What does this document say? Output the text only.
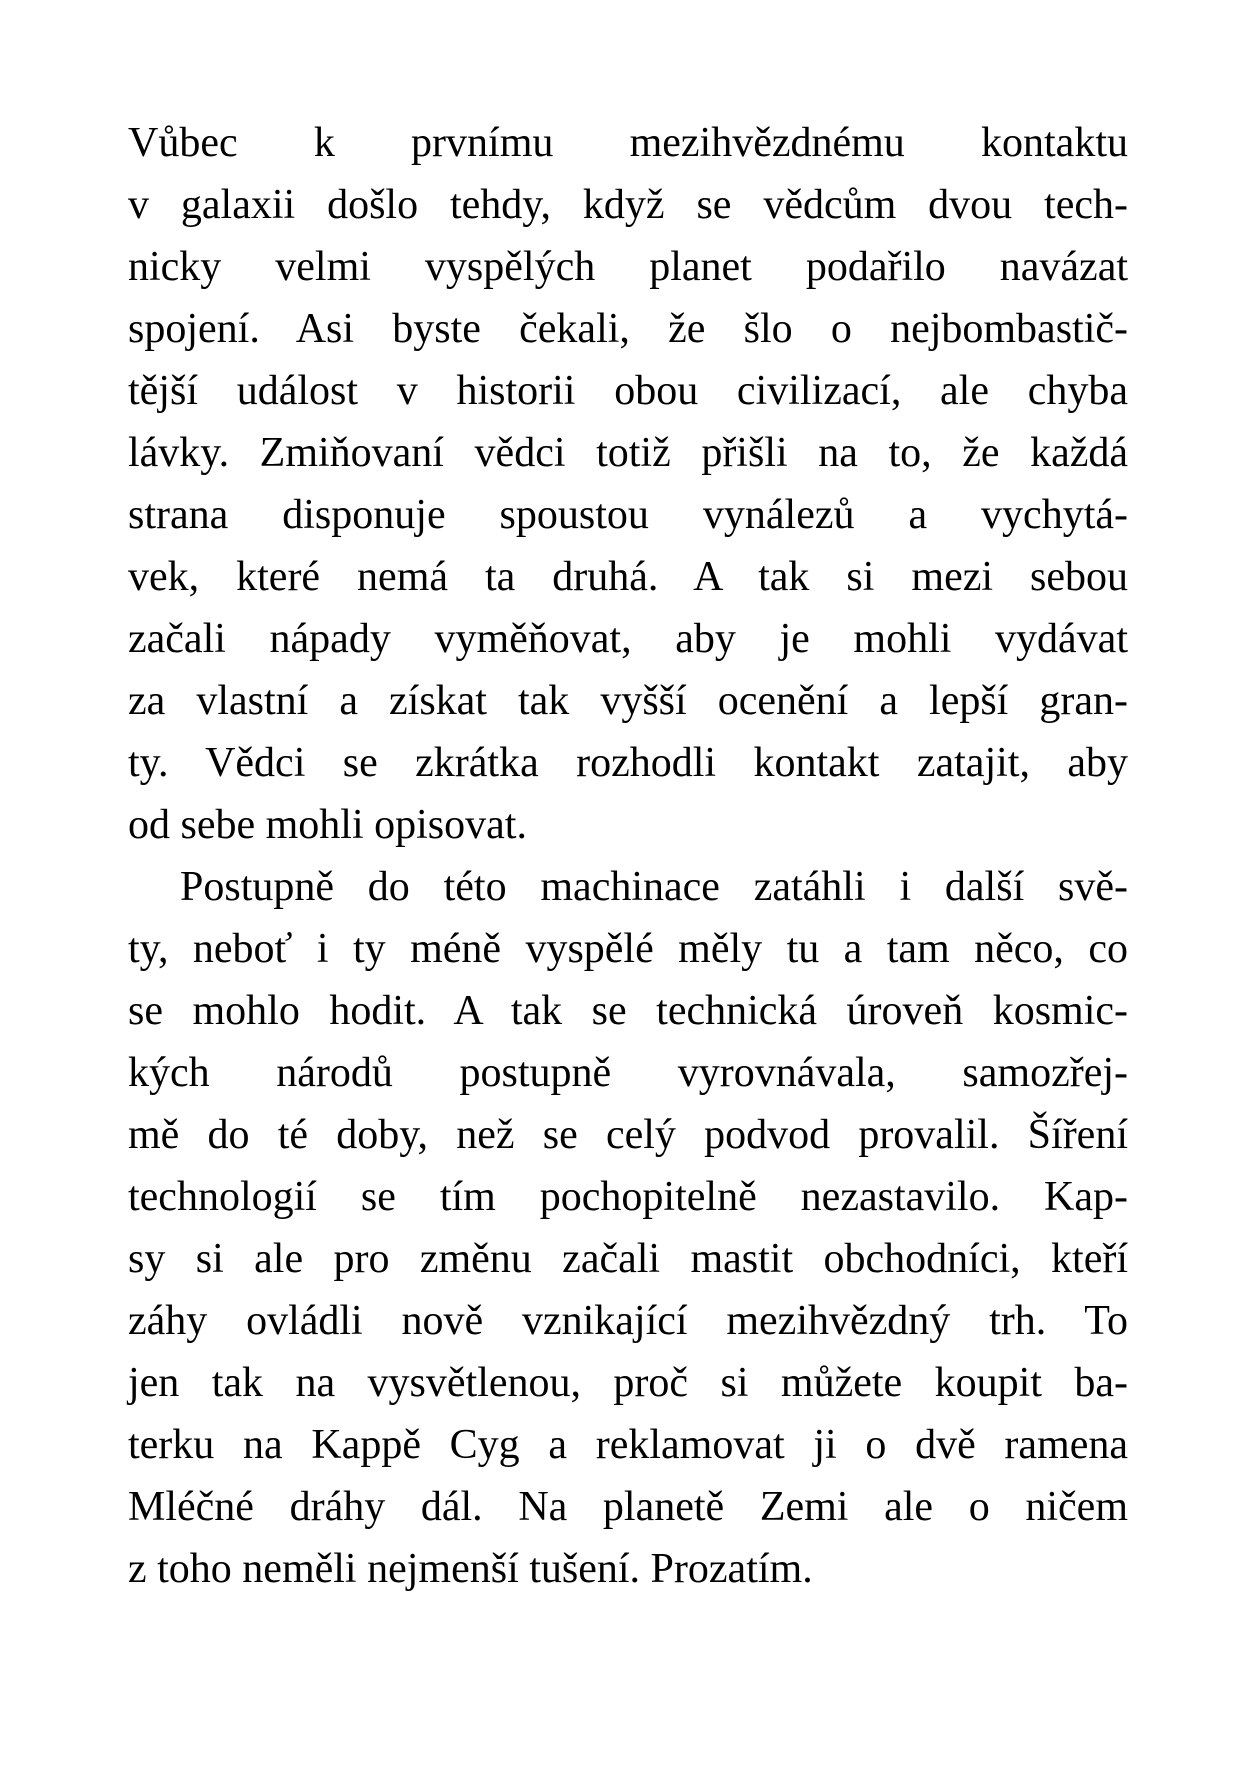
Vůbec k prvnímu mezihvězdnému kontaktu
v galaxii došlo tehdy, když se vědcům dvou tech-
nicky velmi vyspělých planet podařilo navázat
spojení. Asi byste čekali, že šlo o nejbombastič-
tější událost v historii obou civilizací, ale chyba
lávky. Zmiňovaní vědci totiž přišli na to, že každá
strana disponuje spoustou vynálezů a vychytá-
vek, které nemá ta druhá. A tak si mezi sebou
začali nápady vyměňovat, aby je mohli vydávat
za vlastní a získat tak vyšší ocenění a lepší gran-
ty. Vědci se zkrátka rozhodli kontakt zatajit, aby
od sebe mohli opisovat.
Postupně do této machinace zatáhli i další svě-
ty, neboť i ty méně vyspělé měly tu a tam něco, co
se mohlo hodit. A tak se technická úroveň kosmic-
kých národů postupně vyrovnávala, samozřej-
mě do té doby, než se celý podvod provalil. Šíření
technologií se tím pochopitelně nezastavilo. Kap-
sy si ale pro změnu začali mastit obchodníci, kteří
záhy ovládli nově vznikající mezihvězdný trh. To
jen tak na vysvětlenou, proč si můžete koupit ba-
terku na Kappě Cyg a reklamovat ji o dvě ramena
Mléčné dráhy dál. Na planetě Zemi ale o ničem
z toho neměli nejmenší tušení. Prozatím.
